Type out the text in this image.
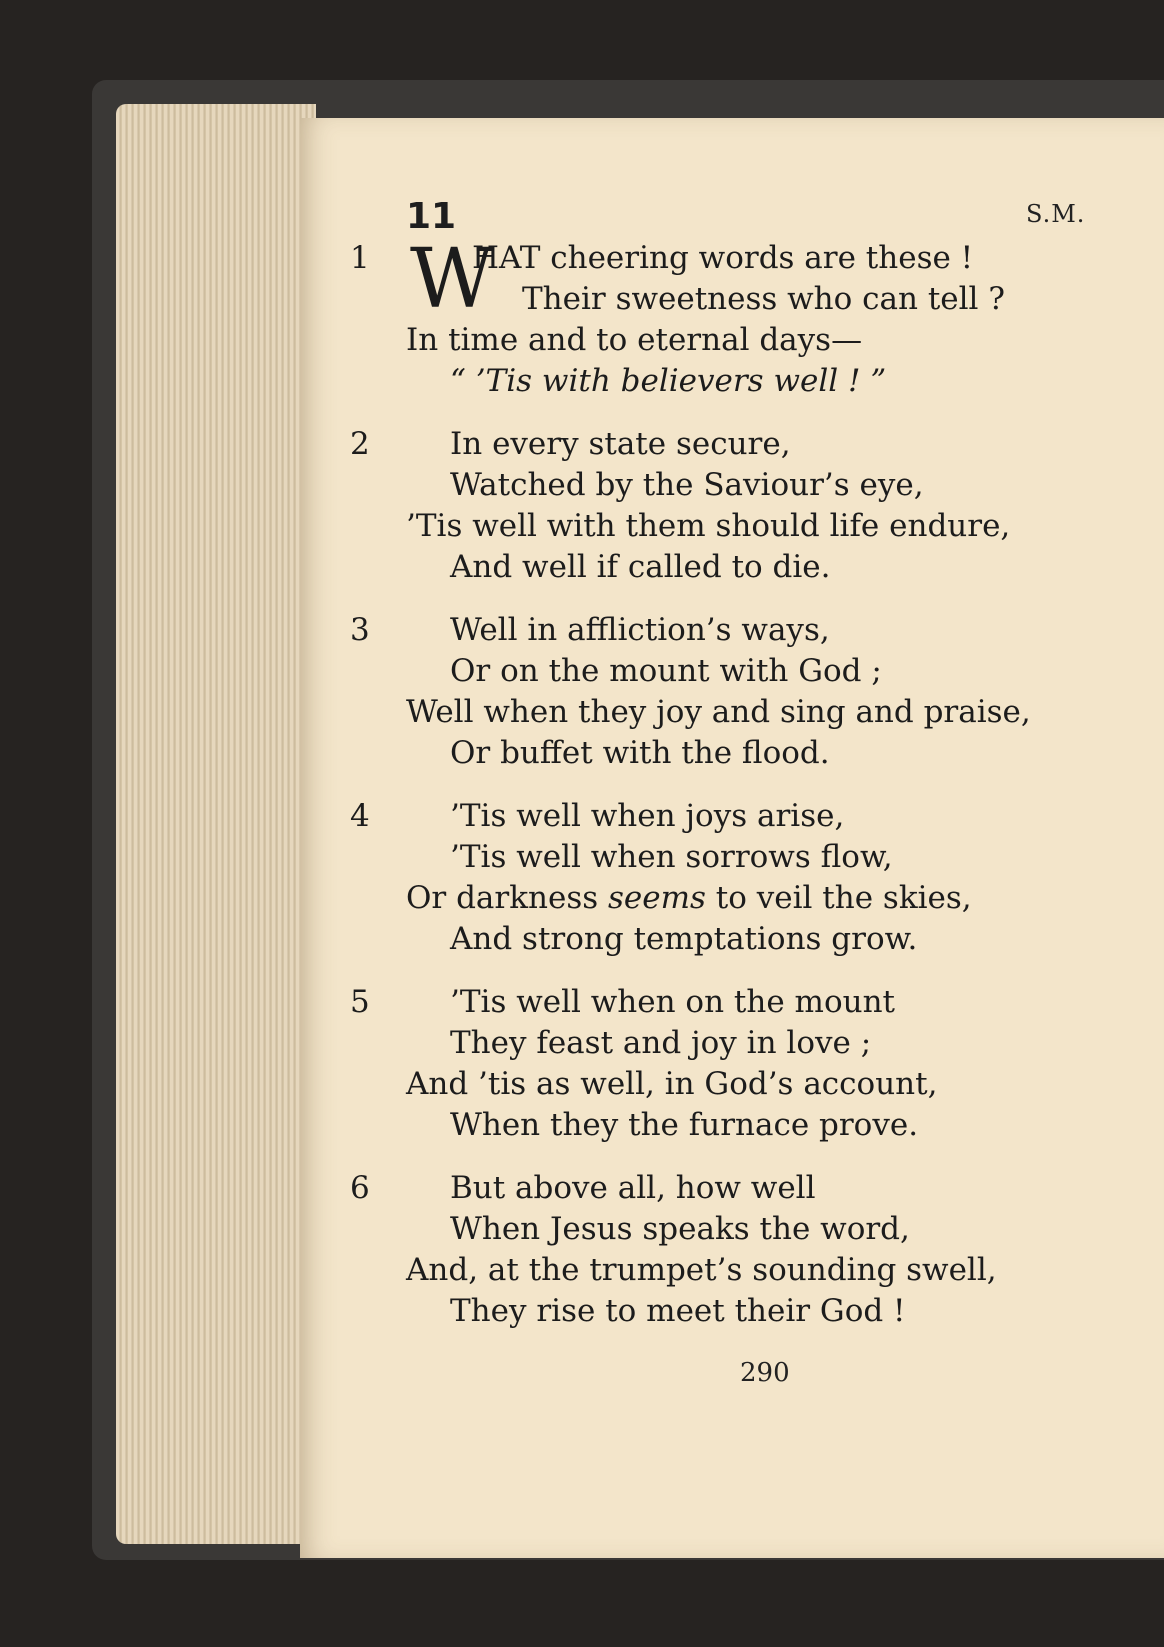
11	S.M.
1 W
HAT cheering words are these !
Their sweetness who can tell ?
In time and to eternal days—
“ ’Tis with believers well ! ”
2	In every state secure,
Watched by the Saviour’s eye,
’Tis well with them should life endure,
And well if called to die.
3	Well in affliction’s ways,
Or on the mount with God ;
Well when they joy and sing and praise,
Or buffet with the flood.
4	’Tis well when joys arise,
’Tis well when sorrows flow,
Or darkness seems to veil the skies,
And strong temptations grow.
5	’Tis well when on the mount
They feast and joy in love ;
And ’tis as well, in God’s account,
When they the furnace prove.
6	But above all, how well
When Jesus speaks the word,
And, at the trumpet’s sounding swell,
They rise to meet their God !
290
